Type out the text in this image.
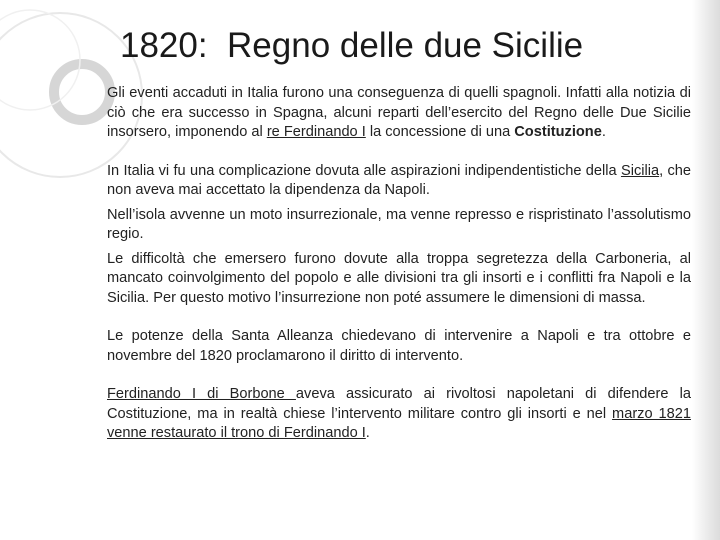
1820:  Regno delle due Sicilie

Gli eventi accaduti in Italia furono una conseguenza di quelli spagnoli. Infatti alla notizia di ciò che era successo in Spagna, alcuni reparti dell’esercito del Regno delle Due Sicilie insorsero, imponendo al re Ferdinando I la concessione di una Costituzione.

In Italia vi fu una complicazione dovuta alle aspirazioni indipendentistiche della Sicilia, che non aveva mai accettato la dipendenza da Napoli.

Nell’isola avvenne un moto insurrezionale, ma venne represso e rispristinato l’assolutismo regio.

Le difficoltà che emersero furono dovute alla troppa segretezza della Carboneria, al mancato coinvolgimento del popolo e alle divisioni tra gli insorti e i conflitti fra Napoli e la Sicilia. Per questo motivo l’insurrezione non poté assumere le dimensioni di massa.

Le potenze della Santa Alleanza chiedevano di intervenire a Napoli e tra ottobre e novembre del 1820 proclamarono il diritto di intervento.

Ferdinando I di Borbone aveva assicurato ai rivoltosi napoletani di difendere la Costituzione, ma in realtà chiese l’intervento militare contro gli insorti e nel marzo 1821 venne restaurato il trono di Ferdinando I.
